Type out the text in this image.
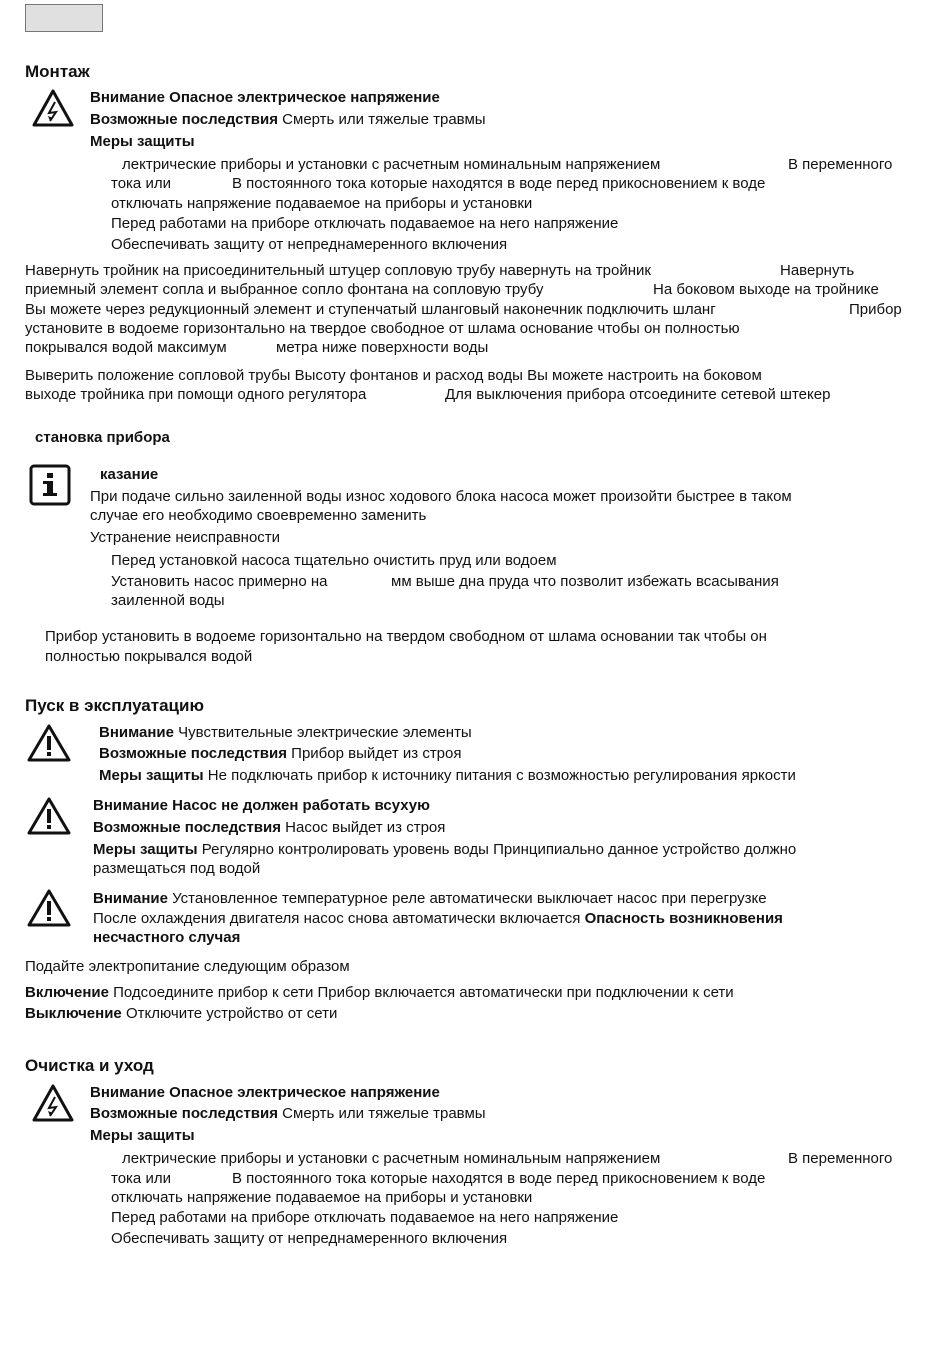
Монтаж
Внимание Опасное электрическое напряжение
Возможные последствия Смерть или тяжелые травмы
Меры защиты
лектрические приборы и установки с расчетным номинальным напряжением	В переменного
тока или	В постоянного тока которые находятся в воде перед прикосновением к воде
отключать напряжение подаваемое на приборы и установки
Перед работами на приборе отключать подаваемое на него напряжение
Обеспечивать защиту от непреднамеренного включения
Навернуть тройник на присоединительный штуцер сопловую трубу навернуть на тройник	Навернуть
приемный элемент сопла и выбранное сопло фонтана на сопловую трубу	На боковом выходе на тройнике
Вы можете через редукционный элемент и ступенчатый шланговый наконечник подключить шланг	Прибор
установите в водоеме горизонтально на твердое свободное от шлама основание чтобы он полностью
покрывался водой максимум	метра ниже поверхности воды
Выверить положение сопловой трубы Высоту фонтанов и расход воды Вы можете настроить на боковом
выходе тройника при помощи одного регулятора	Для выключения прибора отсоедините сетевой штекер
становка прибора
казание
При подаче сильно заиленной воды износ ходового блока насоса может произойти быстрее в таком
случае его необходимо своевременно заменить
Устранение неисправности
Перед установкой насоса тщательно очистить пруд или водоем
Установить насос примерно на	мм выше дна пруда что позволит избежать всасывания
заиленной воды
Прибор установить в водоеме горизонтально на твердом свободном от шлама основании так чтобы он
полностью покрывался водой
Пуск в эксплуатацию
Внимание Чувствительные электрические элементы
Возможные последствия Прибор выйдет из строя
Меры защиты Не подключать прибор к источнику питания с возможностью регулирования яркости
Внимание Насос не должен работать всухую
Возможные последствия Насос выйдет из строя
Меры защиты Регулярно контролировать уровень воды Принципиально данное устройство должно
размещаться под водой
Внимание Установленное температурное реле автоматически выключает насос при перегрузке
После охлаждения двигателя насос снова автоматически включается Опасность возникновения
несчастного случая
Подайте электропитание следующим образом
Включение Подсоедините прибор к сети Прибор включается автоматически при подключении к сети
Выключение Отключите устройство от сети
Очистка и уход
Внимание Опасное электрическое напряжение
Возможные последствия Смерть или тяжелые травмы
Меры защиты
лектрические приборы и установки с расчетным номинальным напряжением	В переменного
тока или	В постоянного тока которые находятся в воде перед прикосновением к воде
отключать напряжение подаваемое на приборы и установки
Перед работами на приборе отключать подаваемое на него напряжение
Обеспечивать защиту от непреднамеренного включения
